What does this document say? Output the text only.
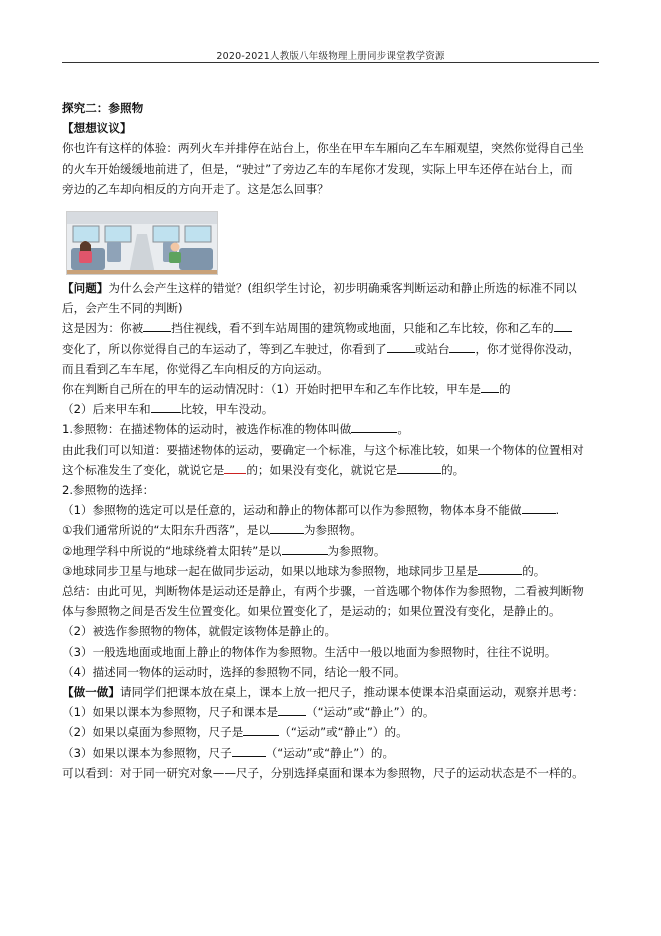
2020-2021人教版八年级物理上册同步课堂教学资源
探究二：参照物
【想想议议】
你也许有这样的体验：两列火车并排停在站台上，你坐在甲车车厢向乙车车厢观望，突然你觉得自己坐
的火车开始缓缓地前进了，但是，“驶过”了旁边乙车的车尾你才发现，实际上甲车还停在站台上，而
旁边的乙车却向相反的方向开走了。这是怎么回事？
【问题】为什么会产生这样的错觉？(组织学生讨论，初步明确乘客判断运动和静止所选的标准不同以
后，会产生不同的判断)
这是因为：你被 挡住视线，看不到车站周围的建筑物或地面，只能和乙车比较，你和乙车的
变化了，所以你觉得自己的车运动了，等到乙车驶过，你看到了 或站台 ，你才觉得你没动，
而且看到乙车车尾，你觉得乙车向相反的方向运动。
你在判断自己所在的甲车的运动情况时：（1）开始时把甲车和乙车作比较，甲车是 的
（2）后来甲车和	比较，甲车没动。
1.参照物：在描述物体的运动时，被选作标准的物体叫做	。
由此我们可以知道：要描述物体的运动，要确定一个标准，与这个标准比较，如果一个物体的位置相对
这个标准发生了变化，就说它是 的；如果没有变化，就说它是	的。
2.参照物的选择：
（1）参照物的选定可以是任意的，运动和静止的物体都可以作为参照物，物体本身不能做	.
①我们通常所说的“太阳东升西落”，是以	为参照物。
②地理学科中所说的“地球绕着太阳转”是以	为参照物。
③地球同步卫星与地球一起在做同步运动，如果以地球为参照物，地球同步卫星是	的。
总结：由此可见，判断物体是运动还是静止，有两个步骤，一首选哪个物体作为参照物，二看被判断物
体与参照物之间是否发生位置变化。如果位置变化了，是运动的；如果位置没有变化，是静止的。
（2）被选作参照物的物体，就假定该物体是静止的。
（3）一般选地面或地面上静止的物体作为参照物。生活中一般以地面为参照物时，往往不说明。
（4）描述同一物体的运动时，选择的参照物不同，结论一般不同。
【做一做】请同学们把课本放在桌上，课本上放一把尺子，推动课本使课本沿桌面运动，观察并思考：
（1）如果以课本为参照物，尺子和课本是 （“运动”或“静止”）的。
（2）如果以桌面为参照物，尺子是	（“运动”或“静止”）的。
（3）如果以课本为参照物，尺子	（“运动”或“静止”）的。
可以看到：对于同一研究对象——尺子，分别选择桌面和课本为参照物，尺子的运动状态是不一样的。
